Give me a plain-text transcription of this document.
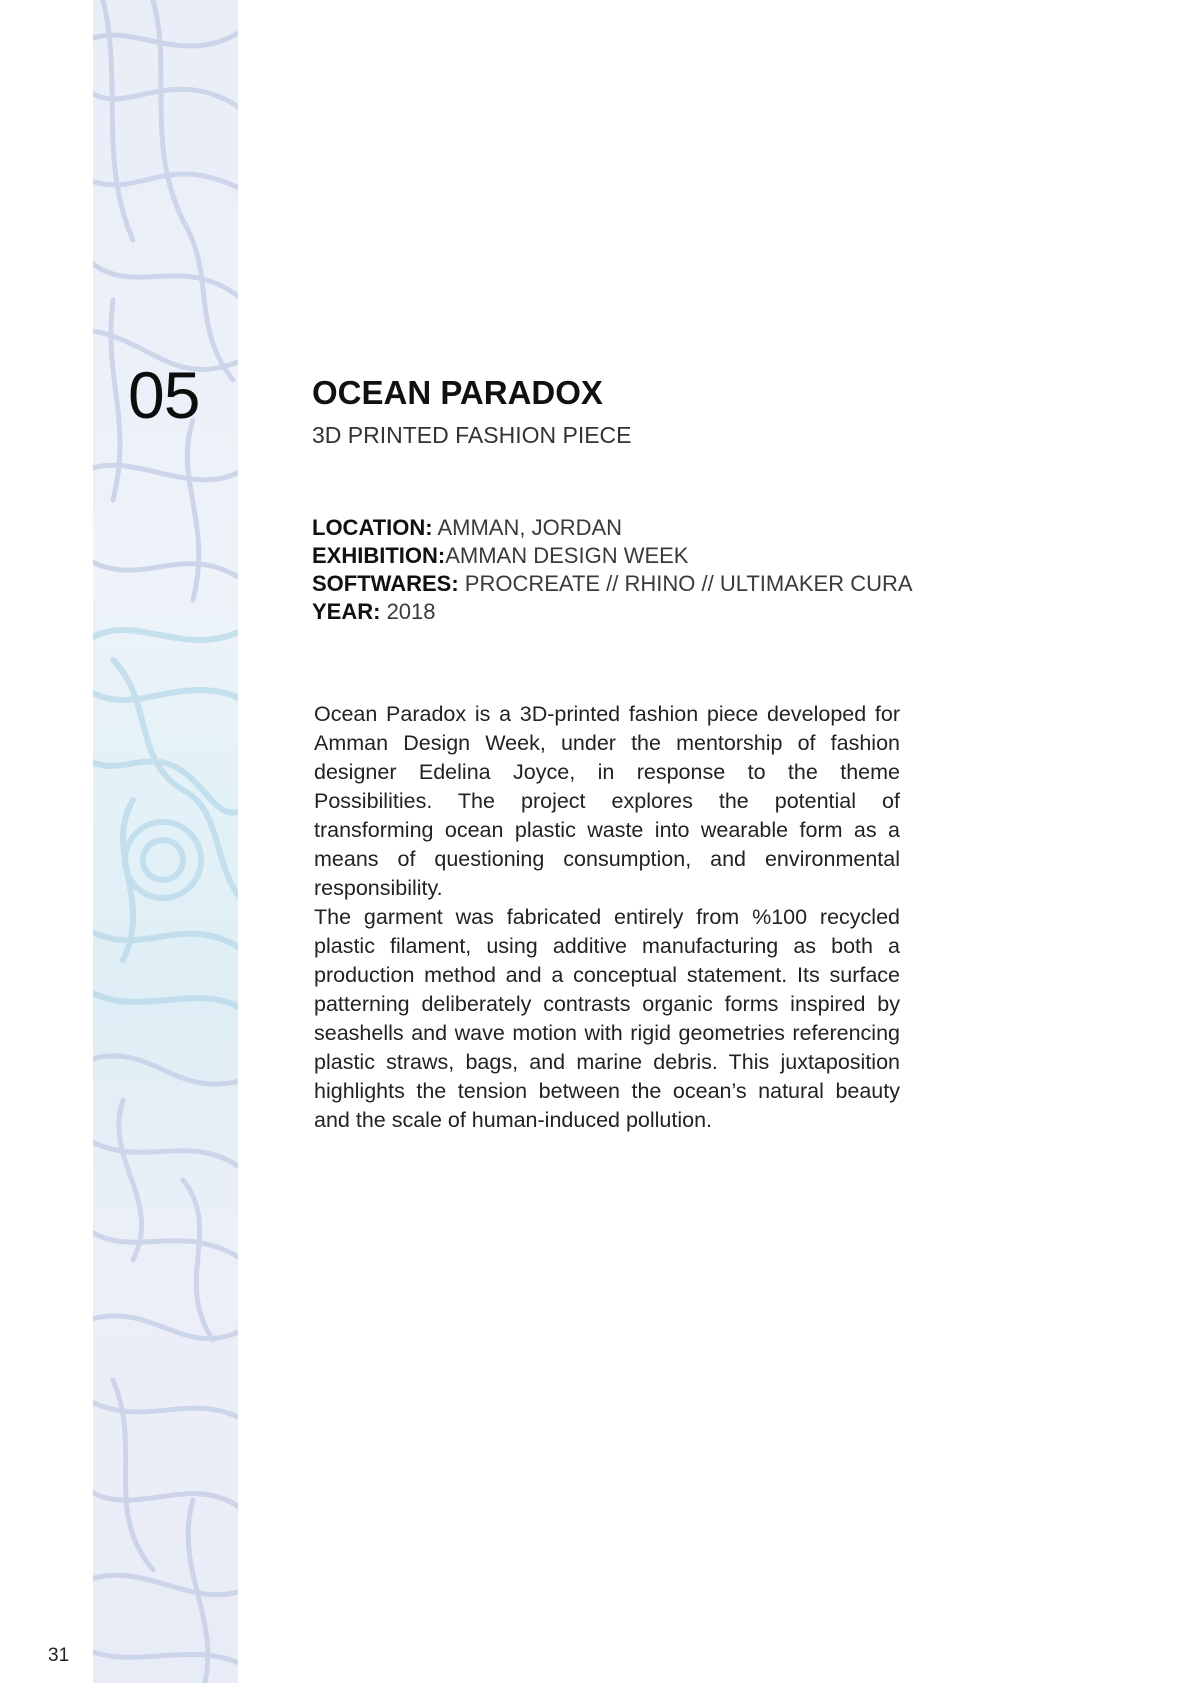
05	OCEAN PARADOX

3D PRINTED FASHION PIECE

LOCATION: AMMAN, JORDAN
EXHIBITION:AMMAN DESIGN WEEK
SOFTWARES: PROCREATE // RHINO // ULTIMAKER CURA
YEAR: 2018

Ocean Paradox is a 3D-printed fashion piece developed for Amman Design Week, under the mentorship of fashion designer Edelina Joyce, in response to the theme Possibilities. The project explores the potential of transforming ocean plastic waste into wearable form as a means of questioning consumption, and environmental responsibility.

The garment was fabricated entirely from %100 recycled plastic filament, using additive manufacturing as both a production method and a conceptual statement. Its surface patterning deliberately contrasts organic forms inspired by seashells and wave motion with rigid geometries referencing plastic straws, bags, and marine debris. This juxtaposition highlights the tension between the ocean’s natural beauty and the scale of human-induced pollution.

31
